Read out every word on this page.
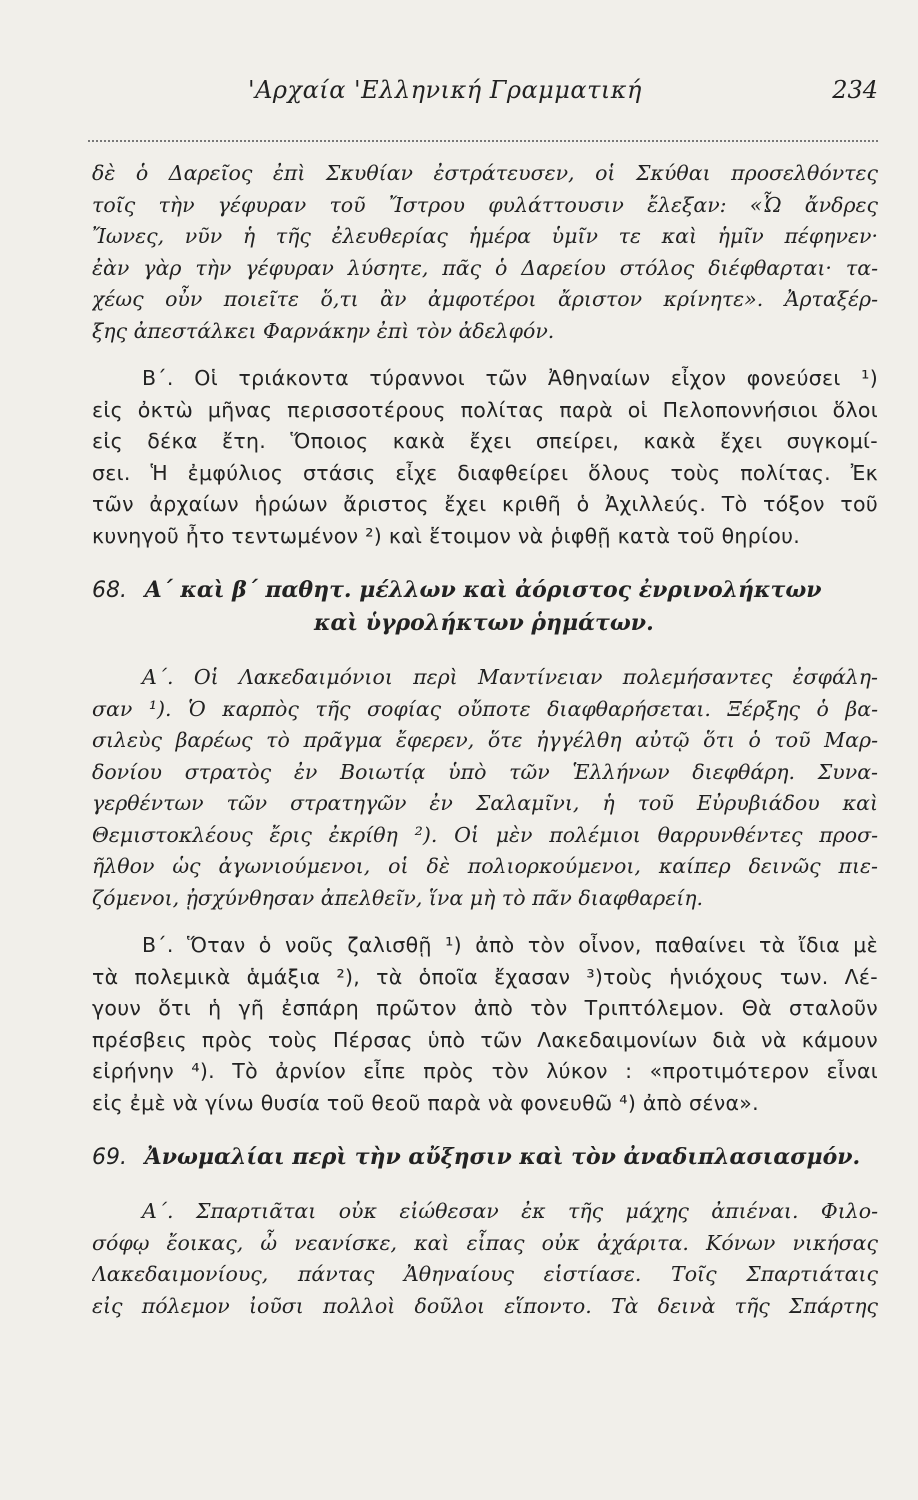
'Αρχαία 'Ελληνική Γραμματική	234
δὲ ὁ Δαρεῖος ἐπὶ Σκυθίαν ἐστράτευσεν, οἱ Σκύθαι προσελθόντες
τοῖς τὴν γέφυραν τοῦ Ἴστρου φυλάττουσιν ἔλεξαν: «Ὦ ἄνδρες
Ἴωνες, νῦν ἡ τῆς ἐλευθερίας ἡμέρα ὑμῖν τε καὶ ἡμῖν πέφηνεν·
ἐὰν γὰρ τὴν γέφυραν λύσητε, πᾶς ὁ Δαρείου στόλος διέφθαρται· τα-
χέως οὖν ποιεῖτε ὅ,τι ἂν ἀμφοτέροι ἄριστον κρίνητε». Ἀρταξέρ-
ξης ἀπεστάλκει Φαρνάκην ἐπὶ τὸν ἀδελφόν.
Β΄. Οἱ τριάκοντα τύραννοι τῶν Ἀθηναίων εἶχον φονεύσει ¹)
εἰς ὀκτὼ μῆνας περισσοτέρους πολίτας παρὰ οἱ Πελοποννήσιοι ὅλοι
εἰς δέκα ἔτη. Ὅποιος κακὰ ἔχει σπείρει, κακὰ ἔχει συγκομί-
σει. Ἡ ἐμφύλιος στάσις εἶχε διαφθείρει ὅλους τοὺς πολίτας. Ἐκ
τῶν ἀρχαίων ἡρώων ἄριστος ἔχει κριθῆ ὁ Ἀχιλλεύς. Τὸ τόξον τοῦ
κυνηγοῦ ἦτο τεντωμένον ²) καὶ ἕτοιμον νὰ ῥιφθῇ κατὰ τοῦ θηρίου.
68. Α΄ καὶ β΄ παθητ. μέλλων καὶ ἀόριστος ἐνρινολήκτων
καὶ ὑγρολήκτων ῥημάτων.
Α΄. Οἱ Λακεδαιμόνιοι περὶ Μαντίνειαν πολεμήσαντες ἐσφάλη-
σαν ¹). Ὁ καρπὸς τῆς σοφίας οὔποτε διαφθαρήσεται. Ξέρξης ὁ βα-
σιλεὺς βαρέως τὸ πρᾶγμα ἔφερεν, ὅτε ἠγγέλθη αὐτῷ ὅτι ὁ τοῦ Μαρ-
δονίου στρατὸς ἐν Βοιωτίᾳ ὑπὸ τῶν Ἑλλήνων διεφθάρη. Συνα-
γερθέντων τῶν στρατηγῶν ἐν Σαλαμῖνι, ἡ τοῦ Εὐρυβιάδου καὶ
Θεμιστοκλέους ἔρις ἐκρίθη ²). Οἱ μὲν πολέμιοι θαρρυνθέντες προσ-
ῆλθον ὡς ἀγωνιούμενοι, οἱ δὲ πολιορκούμενοι, καίπερ δεινῶς πιε-
ζόμενοι, ᾐσχύνθησαν ἀπελθεῖν, ἵνα μὴ τὸ πᾶν διαφθαρείη.
Β΄. Ὅταν ὁ νοῦς ζαλισθῇ ¹) ἀπὸ τὸν οἶνον, παθαίνει τὰ ἴδια μὲ
τὰ πολεμικὰ ἁμάξια ²), τὰ ὁποῖα ἔχασαν ³)τοὺς ἡνιόχους των. Λέ-
γουν ὅτι ἡ γῆ ἐσπάρη πρῶτον ἀπὸ τὸν Τριπτόλεμον. Θὰ σταλοῦν
πρέσβεις πρὸς τοὺς Πέρσας ὑπὸ τῶν Λακεδαιμονίων διὰ νὰ κάμουν
εἰρήνην ⁴). Τὸ ἀρνίον εἶπε πρὸς τὸν λύκον : «προτιμότερον εἶναι
εἰς ἐμὲ νὰ γίνω θυσία τοῦ θεοῦ παρὰ νὰ φονευθῶ ⁴) ἀπὸ σένα».
69. Ἀνωμαλίαι περὶ τὴν αὔξησιν καὶ τὸν ἀναδιπλασιασμόν.
Α΄. Σπαρτιᾶται οὐκ εἰώθεσαν ἐκ τῆς μάχης ἀπιέναι. Φιλο-
σόφῳ ἔοικας, ὦ νεανίσκε, καὶ εἶπας οὐκ ἀχάριτα. Κόνων νικήσας
Λακεδαιμονίους, πάντας Ἀθηναίους εἱστίασε. Τοῖς Σπαρτιάταις
εἰς πόλεμον ἰοῦσι πολλοὶ δοῦλοι εἵποντο. Τὰ δεινὰ τῆς Σπάρτης
